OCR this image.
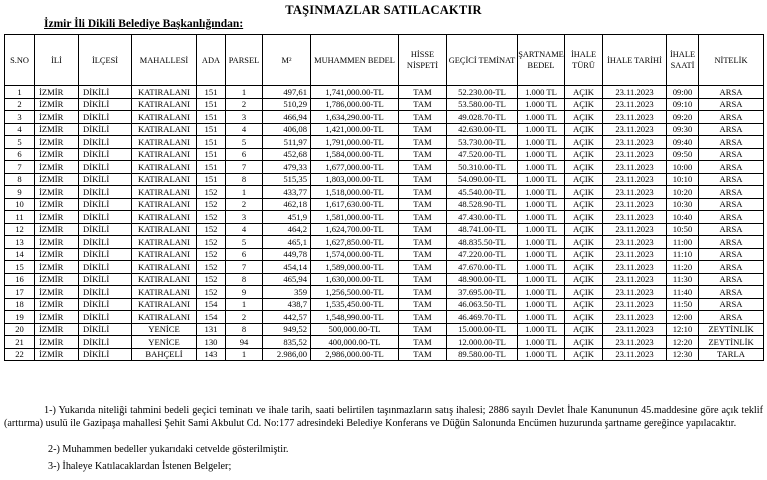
TAŞINMAZLAR SATILACAKTIR
İzmir İli Dikili Belediye Başkanlığından:
S.NO	İLİ	İLÇESİ	MAHALLESİ	ADA	PARSEL	M²	MUHAMMEN BEDEL	HİSSE NİSPETİ	GEÇİCİ TEMİNAT	ŞARTNAME BEDEL	İHALE TÜRÜ	İHALE TARİHİ	İHALE SAATİ	NİTELİK
1	İZMİR	DİKİLİ	KATIRALANI	151	1	497,61	1,741,000.00-TL	TAM	52.230.00-TL	1.000 TL	AÇIK	23.11.2023	09:00	ARSA
2	İZMİR	DİKİLİ	KATIRALANI	151	2	510,29	1,786,000.00-TL	TAM	53.580.00-TL	1.000 TL	AÇIK	23.11.2023	09:10	ARSA
3	İZMİR	DİKİLİ	KATIRALANI	151	3	466,94	1,634,290.00-TL	TAM	49.028.70-TL	1.000 TL	AÇIK	23.11.2023	09:20	ARSA
4	İZMİR	DİKİLİ	KATIRALANI	151	4	406,08	1,421,000.00-TL	TAM	42.630.00-TL	1.000 TL	AÇIK	23.11.2023	09:30	ARSA
5	İZMİR	DİKİLİ	KATIRALANI	151	5	511,97	1,791,000.00-TL	TAM	53.730.00-TL	1.000 TL	AÇIK	23.11.2023	09:40	ARSA
6	İZMİR	DİKİLİ	KATIRALANI	151	6	452,68	1,584,000.00-TL	TAM	47.520.00-TL	1.000 TL	AÇIK	23.11.2023	09:50	ARSA
7	İZMİR	DİKİLİ	KATIRALANI	151	7	479,33	1,677,000.00-TL	TAM	50.310.00-TL	1.000 TL	AÇIK	23.11.2023	10:00	ARSA
8	İZMİR	DİKİLİ	KATIRALANI	151	8	515,35	1,803,000.00-TL	TAM	54.090.00-TL	1.000 TL	AÇIK	23.11.2023	10:10	ARSA
9	İZMİR	DİKİLİ	KATIRALANI	152	1	433,77	1,518,000.00-TL	TAM	45.540.00-TL	1.000 TL	AÇIK	23.11.2023	10:20	ARSA
10	İZMİR	DİKİLİ	KATIRALANI	152	2	462,18	1,617,630.00-TL	TAM	48.528.90-TL	1.000 TL	AÇIK	23.11.2023	10:30	ARSA
11	İZMİR	DİKİLİ	KATIRALANI	152	3	451,9	1,581,000.00-TL	TAM	47.430.00-TL	1.000 TL	AÇIK	23.11.2023	10:40	ARSA
12	İZMİR	DİKİLİ	KATIRALANI	152	4	464,2	1,624,700.00-TL	TAM	48.741.00-TL	1.000 TL	AÇIK	23.11.2023	10:50	ARSA
13	İZMİR	DİKİLİ	KATIRALANI	152	5	465,1	1,627,850.00-TL	TAM	48.835.50-TL	1.000 TL	AÇIK	23.11.2023	11:00	ARSA
14	İZMİR	DİKİLİ	KATIRALANI	152	6	449,78	1,574,000.00-TL	TAM	47.220.00-TL	1.000 TL	AÇIK	23.11.2023	11:10	ARSA
15	İZMİR	DİKİLİ	KATIRALANI	152	7	454,14	1,589,000.00-TL	TAM	47.670.00-TL	1.000 TL	AÇIK	23.11.2023	11:20	ARSA
16	İZMİR	DİKİLİ	KATIRALANI	152	8	465,94	1,630,000.00-TL	TAM	48.900.00-TL	1.000 TL	AÇIK	23.11.2023	11:30	ARSA
17	İZMİR	DİKİLİ	KATIRALANI	152	9	359	1,256,500.00-TL	TAM	37.695.00-TL	1.000 TL	AÇIK	23.11.2023	11:40	ARSA
18	İZMİR	DİKİLİ	KATIRALANI	154	1	438,7	1,535,450.00-TL	TAM	46.063.50-TL	1.000 TL	AÇIK	23.11.2023	11:50	ARSA
19	İZMİR	DİKİLİ	KATIRALANI	154	2	442,57	1,548,990.00-TL	TAM	46.469.70-TL	1.000 TL	AÇIK	23.11.2023	12:00	ARSA
20	İZMİR	DİKİLİ	YENİCE	131	8	949,52	500,000.00-TL	TAM	15.000.00-TL	1.000 TL	AÇIK	23.11.2023	12:10	ZEYTİNLİK
21	İZMİR	DİKİLİ	YENİCE	130	94	835,52	400,000.00-TL	TAM	12.000.00-TL	1.000 TL	AÇIK	23.11.2023	12:20	ZEYTİNLİK
22	İZMİR	DİKİLİ	BAHÇELİ	143	1	2.986,00	2,986,000.00-TL	TAM	89.580.00-TL	1.000 TL	AÇIK	23.11.2023	12:30	TARLA
1-) Yukarıda niteliği tahmini bedeli geçici teminatı ve ihale tarih, saati belirtilen taşınmazların satış ihalesi; 2886 sayılı Devlet İhale Kanununun 45.maddesine göre açık teklif (arttırma) usulü ile Gazipaşa mahallesi Şehit Sami Akbulut Cd. No:177 adresindeki Belediye Konferans ve Düğün Salonunda Encümen huzurunda şartname gereğince yapılacaktır.
2-) Muhammen bedeller yukarıdaki cetvelde gösterilmiştir.
3-) İhaleye Katılacaklardan İstenen Belgeler;
